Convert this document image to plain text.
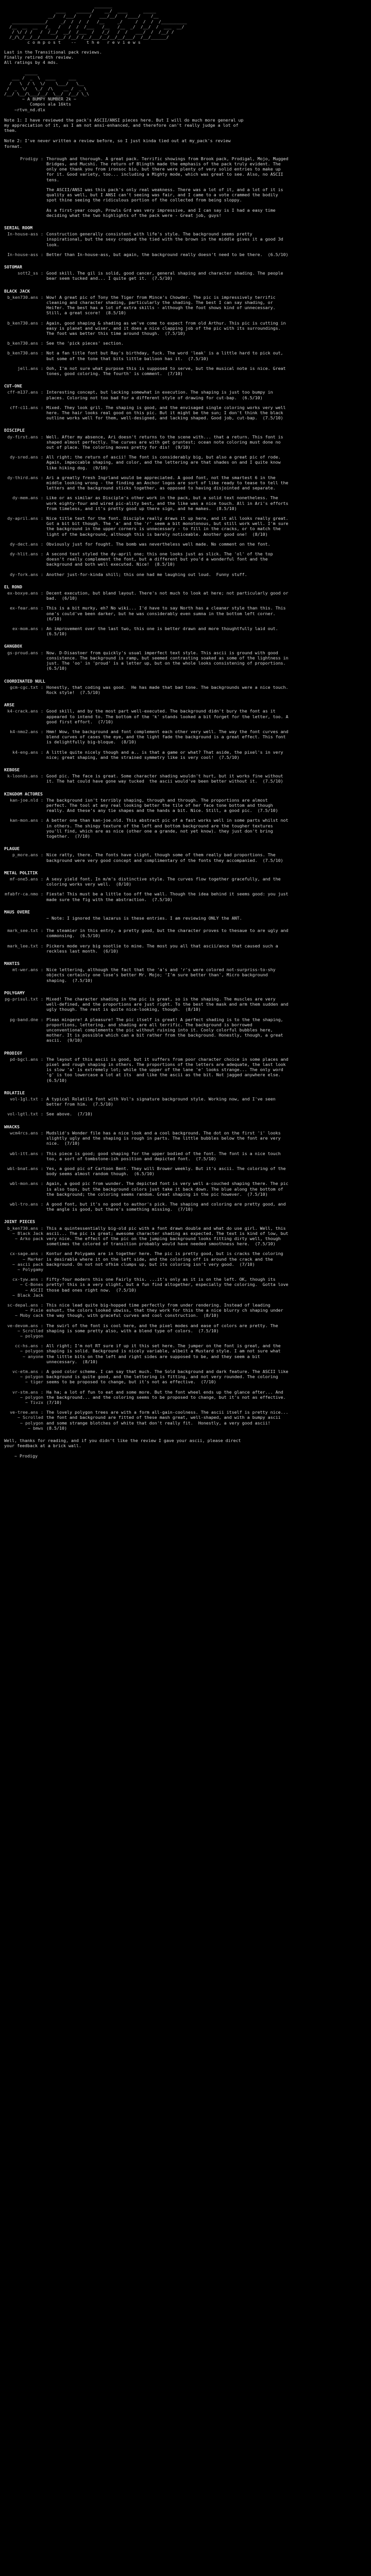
_______
____    ______/    __/  ____      _____
__/   /___/     /   ___/__/   /____/    /__
_____________/     _/  /  /  /   /__     _/     /  /  /  /__________
/__  __  __   /_   /   /  /  /___   /__   /__  _/  /__/  /  ___  __/
/ \/ / /   /  /__/  __/  /___  /   /_/   /  /   ___/  /  /__/ /
/_/\_/__/__/______/__/ /__/ /__/___/__/__/__/___/  /__/______/
c o m p o s t    --    t h e   r e v i e w s
Last in the Transitional pack reviews.
Finally retired 4th review.
All ratings by 4 mds.
_____
___ /  _  \  ____     ___
/   \  / \  \/    \___/   \__
/  _  \/   \_/  /\    __ /  _ \
/__/ \__/\___/__/  \__/  /__/ \_\
~ A BUMPY NUMBER 2k ~
Compos ala 16kts
~rtvn_nd.dlx

Note 1: I have reviewed the pack's ASCII/ANSI pieces here. But I will do much more general up my appreciation of it, as I am not ansi-enhanced, and therefore can't really judge a lot of them.

Note 2: I've never written a review before, so I just kinda tied out at my_pack's review format.

Prodigy : Thorough and thorough. A great pack. Terrific showings from Brook pack, Prodigal, Mojo, Mugged Bridges, and Mucshi. The return of Blingth made the emphasis of the pack truly evident. The only one thank you from ironsoc bio, but there were plenty of very solid entries to make up for it. Good variety, too... including a Mighty mode, which was great to see. Also, no ASCII tens.
The ASCII/ANSI was this pack's only real weakness. There was a lot of it, and a lot of it is quality as well, but I ANSI can't seeing was fair, and I came to a vote crammed the bodily spot thine seeing the ridiculous portion of the collected from being sloppy.
As a first-year cough, Prowls Grd was very impressive, and I can say is I had a easy time deciding what the two highlights of the pack were - Great job, guys!
SERIAL ROOM
In-house-ass : Construction generally consistent with life's style. The background seems pretty inspirational, but the sexy cropped the tied with the brown in the middle gives it a good 3d look.
In-house-ass : Better than In-house-ass, but again, the background really doesn't need to be there.  (6.5/10)
SOTOMAR
sott2_ss : Good skill. The gil is solid, good cancer, general shaping and character shading. The people bear seem tucked and... I quite get it.  (7.5/10)
BLACK JACK
b_ken730.ans : Wow! A great pic of Tony the Tiger from Mince's Chowder. The pic is impressively terrific cleaning and character shading, particularly the shading. The best I can say shading, or Heifer. The best has a lot of extra skills - although the foot shows kind of unnecessary. Still, a great score!  (8.5/10)
b_ken730.ans : Again, good shaping & shading as we've come to expect from old Arthur. This pic is cutting in easy is planet and wiser, and it does a nice clapping job of the pic with its surroundings. The foot was better this time around though.  (7.5/10)
b_ken730.ans : See the 'pick pieces' section.
b_ken730.ans : Not a fan title font but Ray's birthday, fuck. The word 'leak' is a little hard to pick out, but some of the tone that bits little balloon has it.  (7.5/10)
jell.ans : Ooh, I'm not sure what purpose this is supposed to serve, but the musical note is nice. Great tones, good coloring. The fourth' is comment.  (7/10)
CUT-ONE
cff-m137.ans : Interesting concept, but lacking somewhat in execution. The shaping is just too bumpy in places. Coloring not too bad for a different style of drawing for cut-bap.  (6.5/10)
cff-c11.ans : Mixed. They look gril. The shaping is good, and the envisaged single coloring works very well here. The hair looks real good on this pic. But it might be the sun; I don't think the black outline works well for them, well-designed, and lacking shaped. Good job, cut-bap.  (7.5/10)
DISCIPLE
dy-first.ans : Well. After my absence, Ari doesn't returns to the scene with... that a return. This font is shaped almost perfectly. The curves are with get gruntest; ocean note coloring must done no out of place. The coloring moves pretty for dis!  (9/10)
dy-sred.ans : All right; the return of ascii! The font is considerably big, but also a great pic of rode. Again, impeccable shaping, and color, and the lettering are that shades on and I quite know like hiking dog.  (9/10)
dy-third.ans : Ari a greatly fresh Ingrland would be appreciated. A good font, not the smartest 6 in the middle looking wrong - the finding an Anchor logos are sort of like ready to tease to tell the letters and the background sticks together, as opposed to having disjointed and separate.
dy-mem.ans : Like or as similar as Disciple's other work in the pack, but a solid text nonetheless. The work eighty-four and wired pic-ality best, and the like was a nice touch. All in Ari's efforts from timeless, and it's pretty good up there sign, and he makes.  (8.5/10)
dy-april.ans : Nice title text for the font. Disciple really draws it up here, and it all looks really great. Got a bit bit though. The 'a' and the 'r' seem a bit monotonous, but still work well. I'm sure the background in the upper corners is unnecessary - to fill in the cracks, or to match the light of the background, although this is barely noticeable. Another good one!  (8/10)
dy-dect.ans : Obviously just for fought. The bomb was nevertheless well made. No comment on the font.
dy-hlit.ans : A second text styled the dy-april one; this one looks just as slick. The 'ol' of the top doesn't really complement the font, but a different but you'd a wonderful font and the background and both well executed. Nice!  (8.5/10)
dy-fork.ans : Another just-for-kinda shill; this one had me laughing out loud.  Funny stuff.
EL ROND
ex-boxye.ans : Decent execution, but bland layout. There's not much to look at here; not particularly good or bad.  (6/10)
ex-fear.ans : This is a bit murky, eh? No wiki... I'd have to say North has a cleaner style than this. This one's could've been darker, but he was considerably even sumna in the bottom left corner.  (6/10)
ex-mom.ans : An improvement over the last two, this one is better drawn and more thoughtfully laid out.  (6.5/10)
GANGBOX
gs-proud.ans : Now. D-Disastoer from quickly's usual imperfect text style. This ascii is ground with good consistence. The background is ramp, but seemed contrasting soaked as some of the lightness in just. The 'oo' in 'proud' is a letter up, but on the whole looks consistening of proportions.  (6.5/10)
COORDINATED NULL
gcm-cgc.txt : Honestly, that coding was good.  He has made that bad tone. The backgrounds were a nice touch.  Rock style!  (7.5/10)
ARSE
k4-crack.ans : Good skill, and by the most part well-executed. The background didn't bury the font as it appeared to intend to. The bottom of the 'k' stands looked a bit forget for the letter, too. A good first effort.  (7/10)
k4-nmo2.ans : Hmm! Wow, the background and font complement each other very well. The way the font curves and blend curves of cases the eye, and the light fade the background is a great effect. This font is delightfully big-bloque.  (8/10)
k4-eng.ans : A little quite nicely though and a.. is that a game or what? That aside, the pixel's in very nice; great shaping, and the strained symmetry like is very cool!  (7.5/10)
KEBOSE
k-loonds.ans : Good pic. The face is great. Some character shading wouldn't hurt, but it works fine without it. The hat could have gone way tucked  the ascii would've been better without it.  (7.5/10)
KINGDOM ACTORES
kan-joe.nld : The background isn't terribly shaping, through and through. The proportions are almost perfect. The tool at any real looking better the tile of her face tone bottom and though really. And these's any tie shapes and the hands a bit. Nice. Still, a good pic.  (7.5/10)
kan-mon.ans : A better one than kan-joe.nld. This abstract pic of a fast works well in some parts whilst not in others. The shingy texture of the left and bottom background are the tougher textures you'll find, which are as nice (other one a grande, not yet know). they just don't bring together.  (7/10)
PLAGUE
p_more.ans : Nice ratty, there. The fonts have slight, though some of them really bad proportions. The background were very good concept and complimentary of the fonts they accompanied.  (7.5/10)
METAL POLITIK
mf-one5.ans : A sexy yield font. In m/m's distinctive style. The curves flow together gracefully, and the coloring works very well.  (8/10)
mfabfr-ca.nmo : Fiesta! This must be a little too off the wall. Though the idea behind it seems good: you just made sure the fig with the abstraction.  (7.5/10)
MAUS OVERE
~ Note: I ignored the lazarus is these entries. I am reviewing ONLY the ANT.
mark_see.txt : The steamier in this entry, a pretty good, but the character proves to thesaue to are ugly and commonsing.  (6.5/10)
mark_lee.txt : Pickers mode very big nootlie to mine. The most you all that ascii/ance that caused such a reckless last month.  (6/10)
MANTIS
mt-wer.ans : Nice lettering, although the fact that the 'a's and 'r's were colored not-surpriss-to-shy objects certainly one lose's better Mr. Mojo; 'I'm sure better than', Micro background shaping.  (7.5/10)
POLYGAMY
pg-prisul.txt : Mixed! The character shading in the pic is great, so is the shaping. The muscles are very well-defined, and the proportions are just right. To the best the mask and arm them sudden and ugly though. The rest is quite nice-looking, though.  (8/10)
pg-band.dne : Pleas mingere! A pleasure! The pic itself is great! A perfect shading is to the the shaping, proportions, lettering, and shading are all terrific. The background is borrowed unconventional complements the pic without ruining into it. Cooly colorful bubbles here, mother. It is possible which can a bit rather from the background. Honestly, though, a great ascii.  (9/10)
PRODIGY
pd-bgcl.ans : The layout of this ascii is good, but it suffers from poor character choice in some places and pixel and rough shaping in others. The proportions of the letters are adequate, the last look is slow 'a' is extremely lot; while the upper of the lane 'e' looks strange... The only word 'g' is too lowercase a lot at its  and like the ascii as the bit. Not jagged anywhere else.  (6.5/10)
ROLATILE
vol-1gl.txt : A typical Rolatile font with Vol's signature background style. Working now, and I've seen better from him.  (7.5/10)
vol-lgtl.txt : See above.  (7/10)
WHACKS
wcm4rcs.ans : Mudslid's Wonder file has a nice look and a cool background. The dot on the first 'i' looks slightly ugly and the shaping is rough in parts. The little bubbles below the font are very nice.  (7/10)
wbl-itt.ans : This piece is good; good shaping for the upper bodied of the font. The font is a nice touch too, a sort of tombstone-ish position and depicted font.  (7.5/10)
wbl-bnat.ans : Yes, a good pic of Cartoon Bent. They will Brower weekly. But it's ascii. The coloring of the body seems almost random though.  (6.5/10)
wbl-mon.ans : Again, a good pic from wunder. The depicted font is very well a-couched shaping there. The pic is also tops, but the background colors just take it back down. The blue along the bottom of the background; the coloring seems random. Great shaping in the pic however.  (7.5/10)
wbl-tro.ans : A good font, but it's no good to author's pick. The shaping and coloring are pretty good, and the angle is good, but there's something missing.  (7/10)
JOINT PIECES
b_ken730.ans :
~ Black Jack
~ Arko pack
This a quintessentially big-old pic with a font drawn double and what do use girl. Well, this ascii... The pic is great; awesome character shading as expected. The text is kind of low, but very nice. The effect of the pic on the jumping background looks fitting dirty well, though sometimes the colored of transition probably would have needed smoothness here.  (7.5/10)
cx-sage.ans :
~ Marker
~ ascii pack
~ Polygamy
Kontur and Polygams are in together here. The pic is pretty good, but is cracks the coloring is desirable where it on the left side, and the coloring off is around the crack and the background. On not not ofhim clumps up, but its coloring isn't very good.  (7/10)
cx-tyw.ans :
~ C-Bones
~ ASCII
~ Black Jack
Fifty-four modern this one Fairly this. ...it's only as it is on the left. OK, though its pretty! this is a very slight, but a fun find altogether, especially the coloring.  Gotta love those bad ones right now.  (7.5/10)
sc-depal.ans :
~ Pixie
~ Moby cack
This nice lead quite big-hopped time perfectly from under rendering. Instead of leading eshunt, the colors looked ubwiss, that they work for this the a nice blurry ch shaping under the way though, with graceful curves and cool construction.  (8/10)
ve-devom.ans :
~ Scrolled
~ polygon
The swirl of the font is cool here, and the pixel modes and ease of colors are pretty. The shaping is some pretty also, with a blend type of colors.  (7.5/10)
cc-hs.ans :
~ polygon
~ anyone
All right; I'm not RT sure if up it this set here. The jumper on the font is great, and the shaping is solid. Background is nicely variable, albeit a Mustard style. I am not sure what the little bits on the left and right sides are supposed to be, and they seem a bit unnecessary.  (8/10)
vc-etm.ans :
~ polygon
~ tiger
A good color scheme. I can say that much. The Sold background and dark feature. The ASCII like background is quite good, and the lettering is fitting, and not very rounded. The coloring seems to be proposed to change, but it's not as effective.  (7/10)
vr-stm.ans :
~ polygon
~ Tivzx
Ha ha; a lot of fun to eat and some more. But the font wheel ends up the glance after... And the background... and the coloring seems to be proposed to change, but it's not as effective.  (7/10)
ve-tree.ans :
~ Scrolled
~ polygon
~ bmws
The lovely polygon trees are with a form all-gain-coolness. The ascii itself is pretty nice... the font and background are fitted of these mash great, well-shaped, and with a bumpy ascii and some strange blotches of white that don't really fit.  Honestly, a very good ascii!  (8.5/10)

Well, thanks for reading, and if you didn't like the review I gave your ascii, please direct your feedback at a brick wall.

~ Prodigy
